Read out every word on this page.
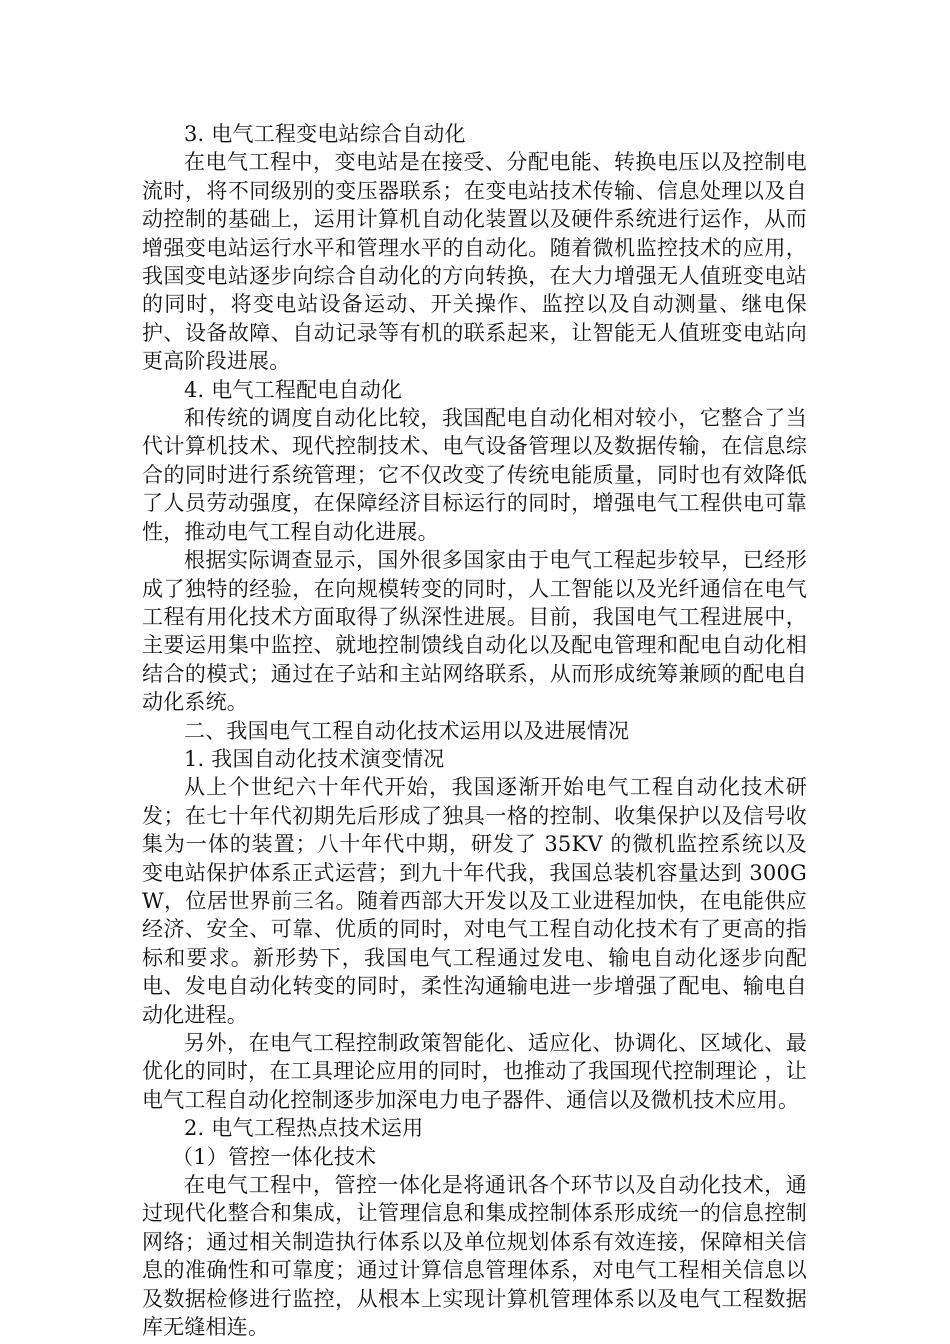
3. 电气工程变电站综合自动化

在电气工程中，变电站是在接受、分配电能、转换电压以及控制电流时，将不同级别的变压器联系；在变电站技术传输、信息处理以及自动控制的基础上，运用计算机自动化装置以及硬件系统进行运作，从而增强变电站运行水平和管理水平的自动化。随着微机监控技术的应用，我国变电站逐步向综合自动化的方向转换，在大力增强无人值班变电站的同时，将变电站设备运动、开关操作、监控以及自动测量、继电保护、设备故障、自动记录等有机的联系起来，让智能无人值班变电站向更高阶段进展。

4. 电气工程配电自动化

和传统的调度自动化比较，我国配电自动化相对较小，它整合了当代计算机技术、现代控制技术、电气设备管理以及数据传输，在信息综合的同时进行系统管理；它不仅改变了传统电能质量，同时也有效降低了人员劳动强度，在保障经济目标运行的同时，增强电气工程供电可靠性，推动电气工程自动化进展。

根据实际调查显示，国外很多国家由于电气工程起步较早，已经形成了独特的经验，在向规模转变的同时，人工智能以及光纤通信在电气工程有用化技术方面取得了纵深性进展。目前，我国电气工程进展中，主要运用集中监控、就地控制馈线自动化以及配电管理和配电自动化相结合的模式；通过在子站和主站网络联系，从而形成统筹兼顾的配电自动化系统。

二、我国电气工程自动化技术运用以及进展情况

1. 我国自动化技术演变情况

从上个世纪六十年代开始，我国逐渐开始电气工程自动化技术研发；在七十年代初期先后形成了独具一格的控制、收集保护以及信号收集为一体的装置；八十年代中期，研发了 35KV 的微机监控系统以及变电站保护体系正式运营；到九十年代我，我国总装机容量达到 300GW，位居世界前三名。随着西部大开发以及工业进程加快，在电能供应经济、安全、可靠、优质的同时，对电气工程自动化技术有了更高的指标和要求。新形势下，我国电气工程通过发电、输电自动化逐步向配电、发电自动化转变的同时，柔性沟通输电进一步增强了配电、输电自动化进程。

另外，在电气工程控制政策智能化、适应化、协调化、区域化、最优化的同时，在工具理论应用的同时，也推动了我国现代控制理论 ，让电气工程自动化控制逐步加深电力电子器件、通信以及微机技术应用。

2. 电气工程热点技术运用

（1）管控一体化技术

在电气工程中，管控一体化是将通讯各个环节以及自动化技术，通过现代化整合和集成，让管理信息和集成控制体系形成统一的信息控制网络；通过相关制造执行体系以及单位规划体系有效连接，保障相关信息的准确性和可靠度；通过计算信息管理体系，对电气工程相关信息以及数据检修进行监控，从根本上实现计算机管理体系以及电气工程数据库无缝相连。
